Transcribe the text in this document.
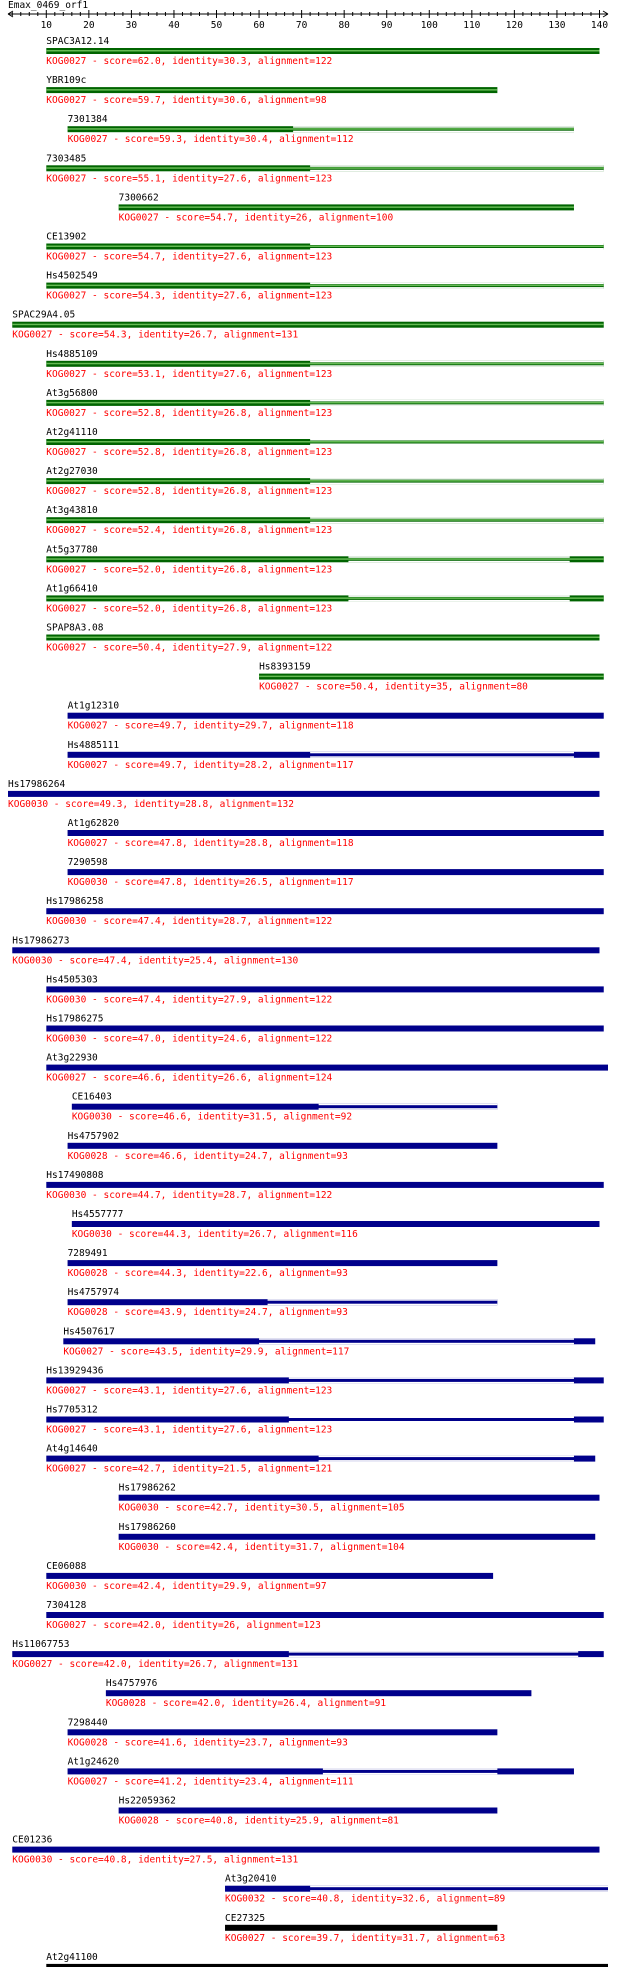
Emax_0469_orf1
10	20	30	40	50	60	70	80	90	100	110	120	130	140
SPAC3A12.14
KOG0027 - score=62.0, identity=30.3, alignment=122
YBR109c
KOG0027 - score=59.7, identity=30.6, alignment=98
7301384
KOG0027 - score=59.3, identity=30.4, alignment=112
7303485
KOG0027 - score=55.1, identity=27.6, alignment=123
7300662
KOG0027 - score=54.7, identity=26, alignment=100
CE13902
KOG0027 - score=54.7, identity=27.6, alignment=123
Hs4502549
KOG0027 - score=54.3, identity=27.6, alignment=123
SPAC29A4.05
KOG0027 - score=54.3, identity=26.7, alignment=131
Hs4885109
KOG0027 - score=53.1, identity=27.6, alignment=123
At3g56800
KOG0027 - score=52.8, identity=26.8, alignment=123
At2g41110
KOG0027 - score=52.8, identity=26.8, alignment=123
At2g27030
KOG0027 - score=52.8, identity=26.8, alignment=123
At3g43810
KOG0027 - score=52.4, identity=26.8, alignment=123
At5g37780
KOG0027 - score=52.0, identity=26.8, alignment=123
At1g66410
KOG0027 - score=52.0, identity=26.8, alignment=123
SPAP8A3.08
KOG0027 - score=50.4, identity=27.9, alignment=122
Hs8393159
KOG0027 - score=50.4, identity=35, alignment=80
At1g12310
KOG0027 - score=49.7, identity=29.7, alignment=118
Hs4885111
KOG0027 - score=49.7, identity=28.2, alignment=117
Hs17986264
KOG0030 - score=49.3, identity=28.8, alignment=132
At1g62820
KOG0027 - score=47.8, identity=28.8, alignment=118
7290598
KOG0030 - score=47.8, identity=26.5, alignment=117
Hs17986258
KOG0030 - score=47.4, identity=28.7, alignment=122
Hs17986273
KOG0030 - score=47.4, identity=25.4, alignment=130
Hs4505303
KOG0030 - score=47.4, identity=27.9, alignment=122
Hs17986275
KOG0030 - score=47.0, identity=24.6, alignment=122
At3g22930
KOG0027 - score=46.6, identity=26.6, alignment=124
CE16403
KOG0030 - score=46.6, identity=31.5, alignment=92
Hs4757902
KOG0028 - score=46.6, identity=24.7, alignment=93
Hs17490808
KOG0030 - score=44.7, identity=28.7, alignment=122
Hs4557777
KOG0030 - score=44.3, identity=26.7, alignment=116
7289491
KOG0028 - score=44.3, identity=22.6, alignment=93
Hs4757974
KOG0028 - score=43.9, identity=24.7, alignment=93
Hs4507617
KOG0027 - score=43.5, identity=29.9, alignment=117
Hs13929436
KOG0027 - score=43.1, identity=27.6, alignment=123
Hs7705312
KOG0027 - score=43.1, identity=27.6, alignment=123
At4g14640
KOG0027 - score=42.7, identity=21.5, alignment=121
Hs17986262
KOG0030 - score=42.7, identity=30.5, alignment=105
Hs17986260
KOG0030 - score=42.4, identity=31.7, alignment=104
CE06088
KOG0030 - score=42.4, identity=29.9, alignment=97
7304128
KOG0027 - score=42.0, identity=26, alignment=123
Hs11067753
KOG0027 - score=42.0, identity=26.7, alignment=131
Hs4757976
KOG0028 - score=42.0, identity=26.4, alignment=91
7298440
KOG0028 - score=41.6, identity=23.7, alignment=93
At1g24620
KOG0027 - score=41.2, identity=23.4, alignment=111
Hs22059362
KOG0028 - score=40.8, identity=25.9, alignment=81
CE01236
KOG0030 - score=40.8, identity=27.5, alignment=131
At3g20410
KOG0032 - score=40.8, identity=32.6, alignment=89
CE27325
KOG0027 - score=39.7, identity=31.7, alignment=63
At2g41100
